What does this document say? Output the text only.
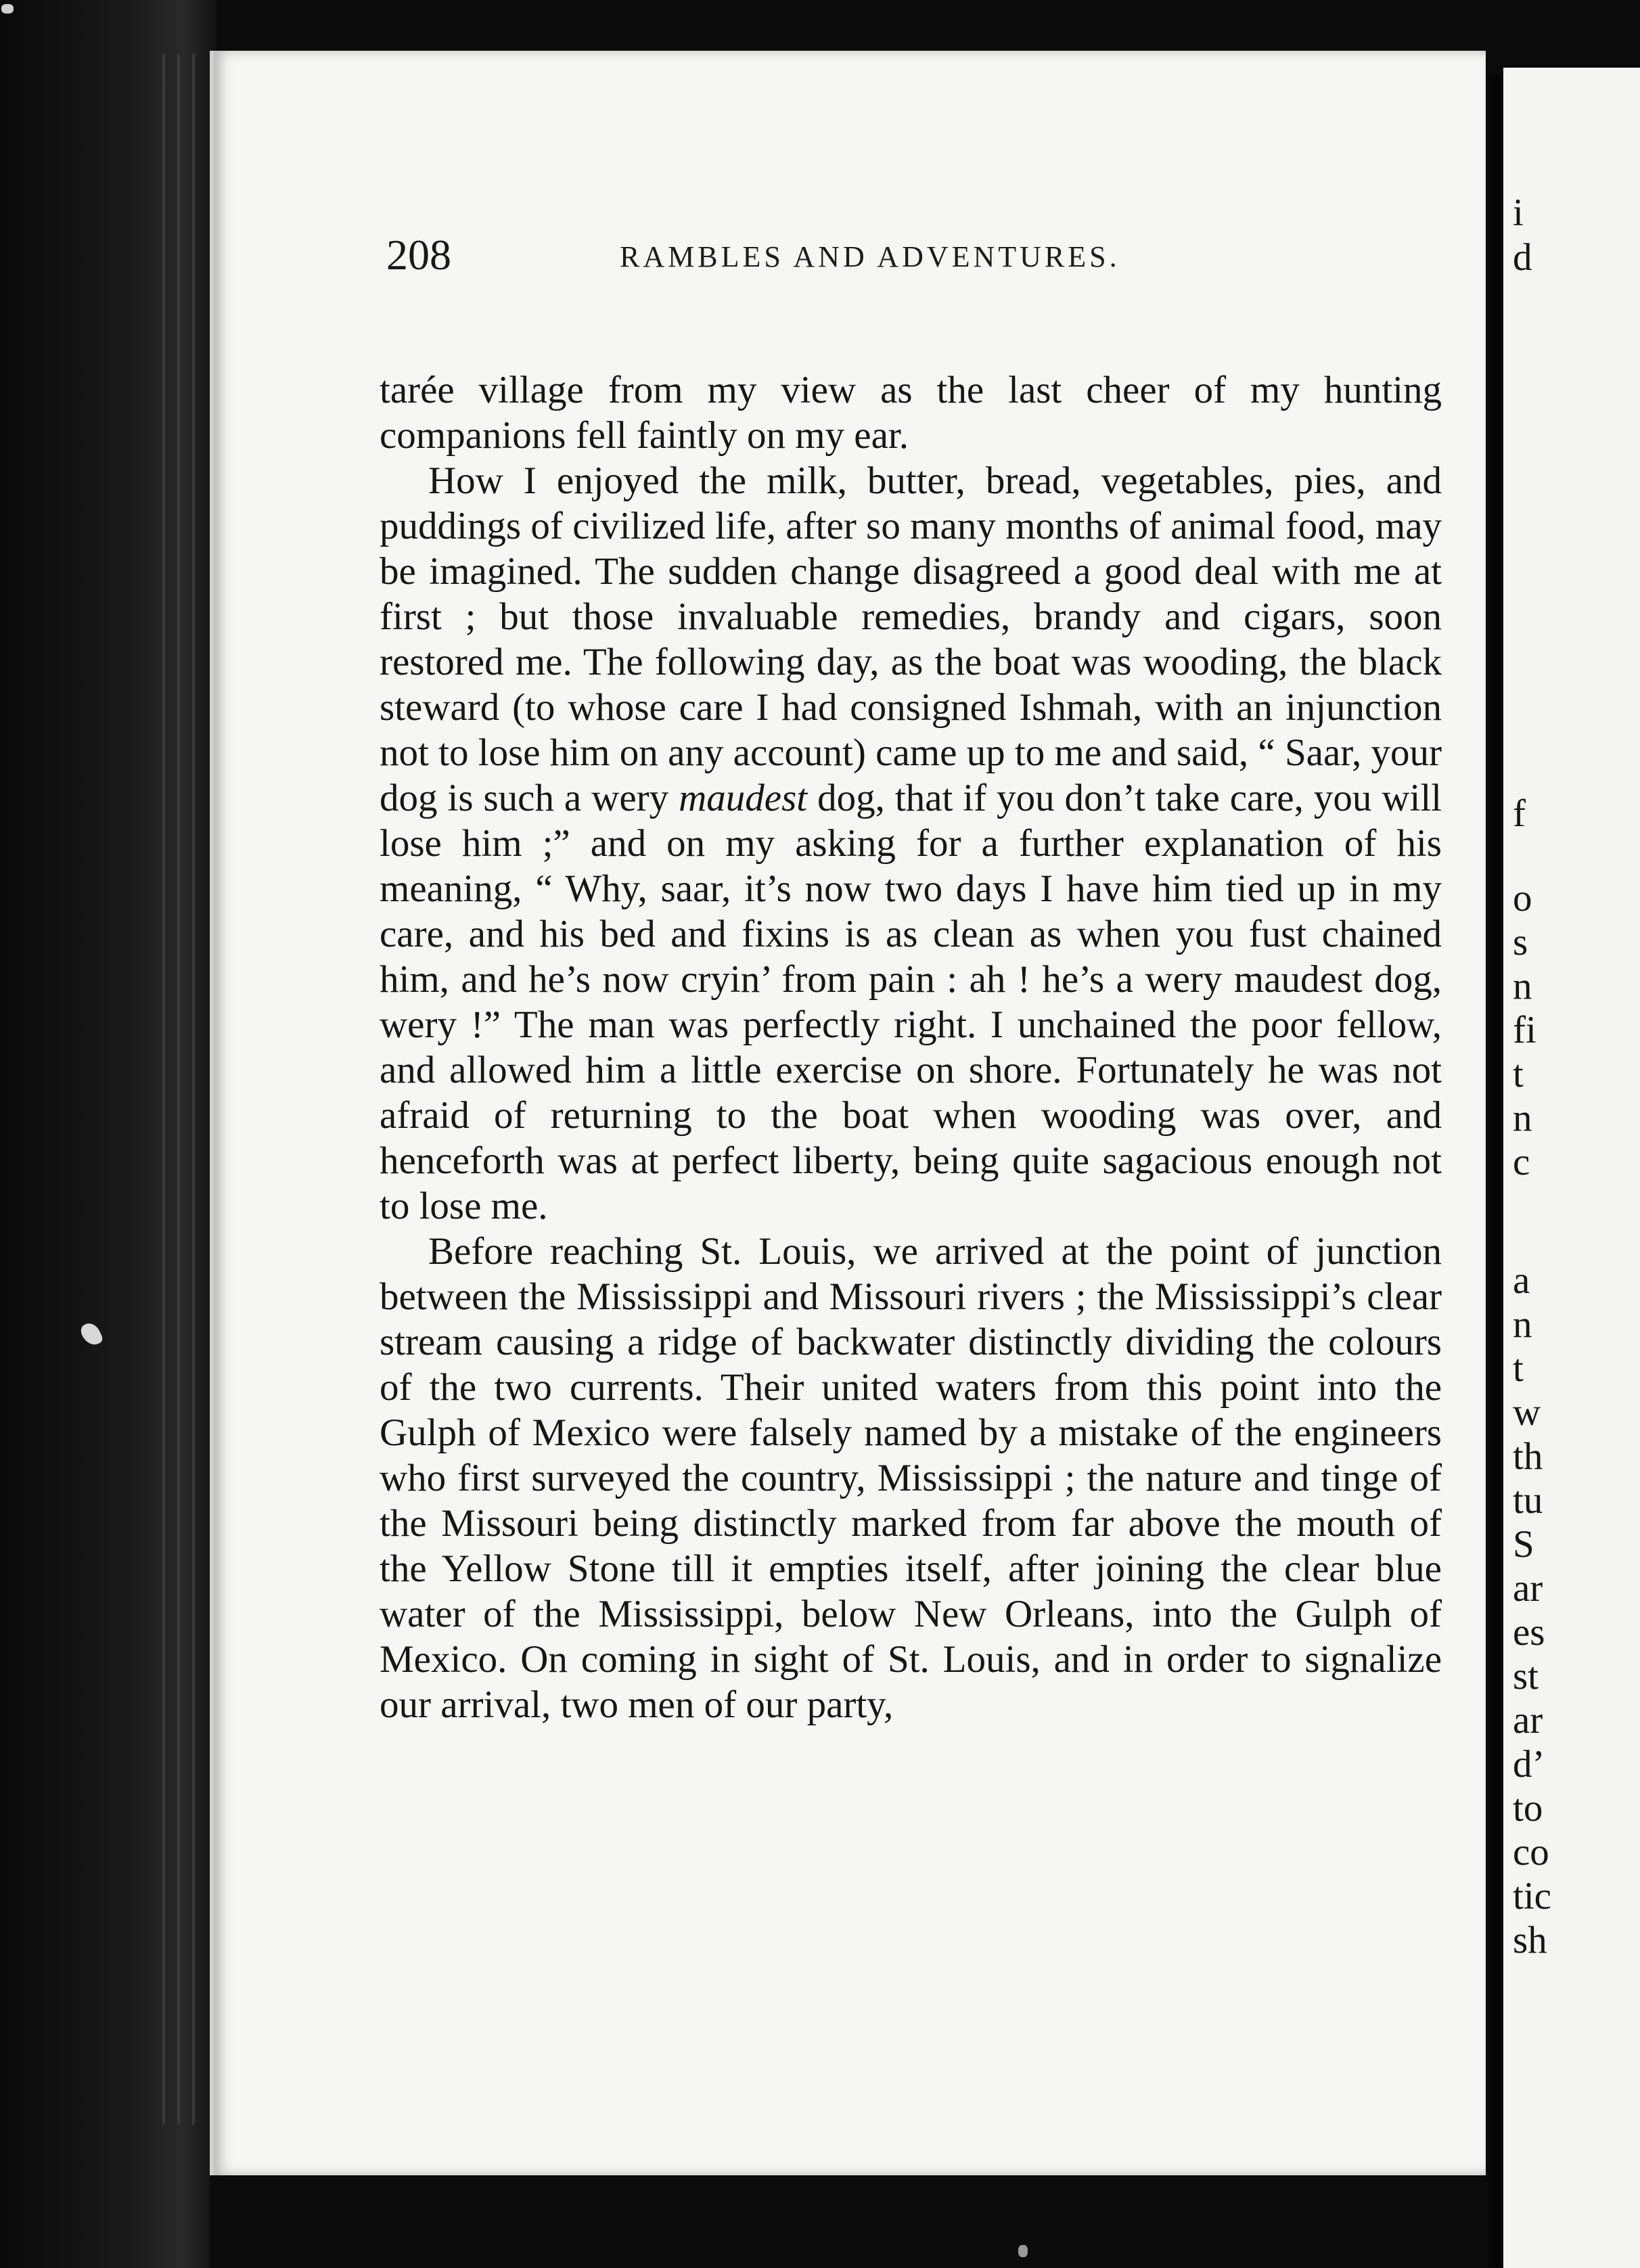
208	RAMBLES AND ADVENTURES.

tarée village from my view as the last cheer of my hunting companions fell faintly on my ear.

How I enjoyed the milk, butter, bread, vegetables, pies, and puddings of civilized life, after so many months of animal food, may be imagined. The sudden change disagreed a good deal with me at first ; but those invaluable remedies, brandy and cigars, soon restored me. The following day, as the boat was wooding, the black steward (to whose care I had consigned Ishmah, with an injunction not to lose him on any account) came up to me and said, “ Saar, your dog is such a wery maudest dog, that if you don’t take care, you will lose him ;” and on my asking for a further explanation of his meaning, “ Why, saar, it’s now two days I have him tied up in my care, and his bed and fixins is as clean as when you fust chained him, and he’s now cryin’ from pain : ah ! he’s a wery maudest dog, wery !” The man was perfectly right. I unchained the poor fellow, and allowed him a little exercise on shore. Fortunately he was not afraid of returning to the boat when wooding was over, and henceforth was at perfect liberty, being quite sagacious enough not to lose me.

Before reaching St. Louis, we arrived at the point of junction between the Mississippi and Missouri rivers ; the Mississippi’s clear stream causing a ridge of backwater distinctly dividing the colours of the two currents. Their united waters from this point into the Gulph of Mexico were falsely named by a mistake of the engineers who first surveyed the country, Mississippi ; the nature and tinge of the Missouri being distinctly marked from far above the mouth of the Yellow Stone till it empties itself, after joining the clear blue water of the Mississippi, below New Orleans, into the Gulph of Mexico. On coming in sight of St. Louis, and in order to signalize our arrival, two men of our party,

i
d
f
o
s
n
fi
t
n
c
a
n
t
w
th
tu
S
ar
es
st
ar
d’
to
co
tic
sh
